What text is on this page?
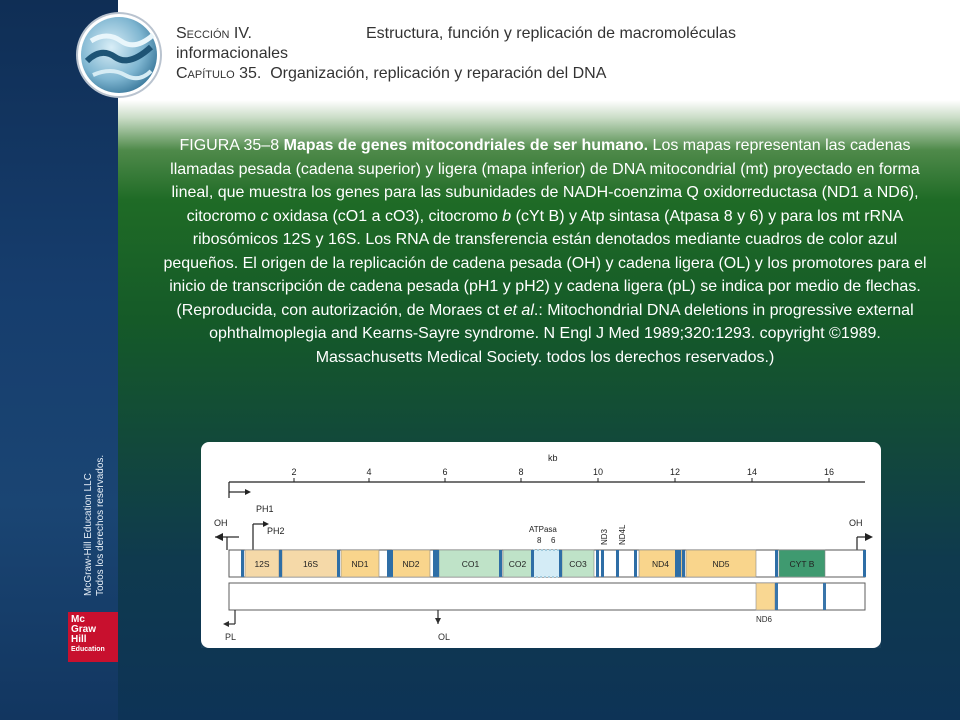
Sección IV.	Estructura, función y replicación de macromoléculas
informacionales
Capítulo 35. Organización, replicación y reparación del DNA
McGraw-Hill Education LLC Todos los derechos reservados.
Mc
Graw
Hill
Education
FIGURA 35–8 Mapas de genes mitocondriales de ser humano. Los mapas representan las cadenas llamadas pesada (cadena superior) y ligera (mapa inferior) de DNA mitocondrial (mt) proyectado en forma lineal, que muestra los genes para las subunidades de NADH-coenzima Q oxidorreductasa (ND1 a ND6), citocromo c oxidasa (cO1 a cO3), citocromo b (cYt B) y Atp sintasa (Atpasa 8 y 6) y para los mt rRNA ribosómicos 12S y 16S. Los RNA de transferencia están denotados mediante cuadros de color azul pequeños. El origen de la replicación de cadena pesada (OH) y cadena ligera (OL) y los promotores para el inicio de transcripción de cadena pesada (pH1 y pH2) y cadena ligera (pL) se indica por medio de flechas. (Reproducida, con autorización, de Moraes ct et al.: Mitochondrial DNA deletions in progressive external ophthalmoplegia and Kearns-Sayre syndrome. N Engl J Med 1989;320:1293. copyright ©1989. Massachusetts Medical Society. todos los derechos reservados.)
kb
2	4	6	8	10	12	14	16
PH1
PH2
OH	OH
ATPasa
8 6	ND3 ND4L
12S	16S	ND1	ND2	CO1	CO2	CO3	ND4	ND5	CYT B
ND6
PL	OL
